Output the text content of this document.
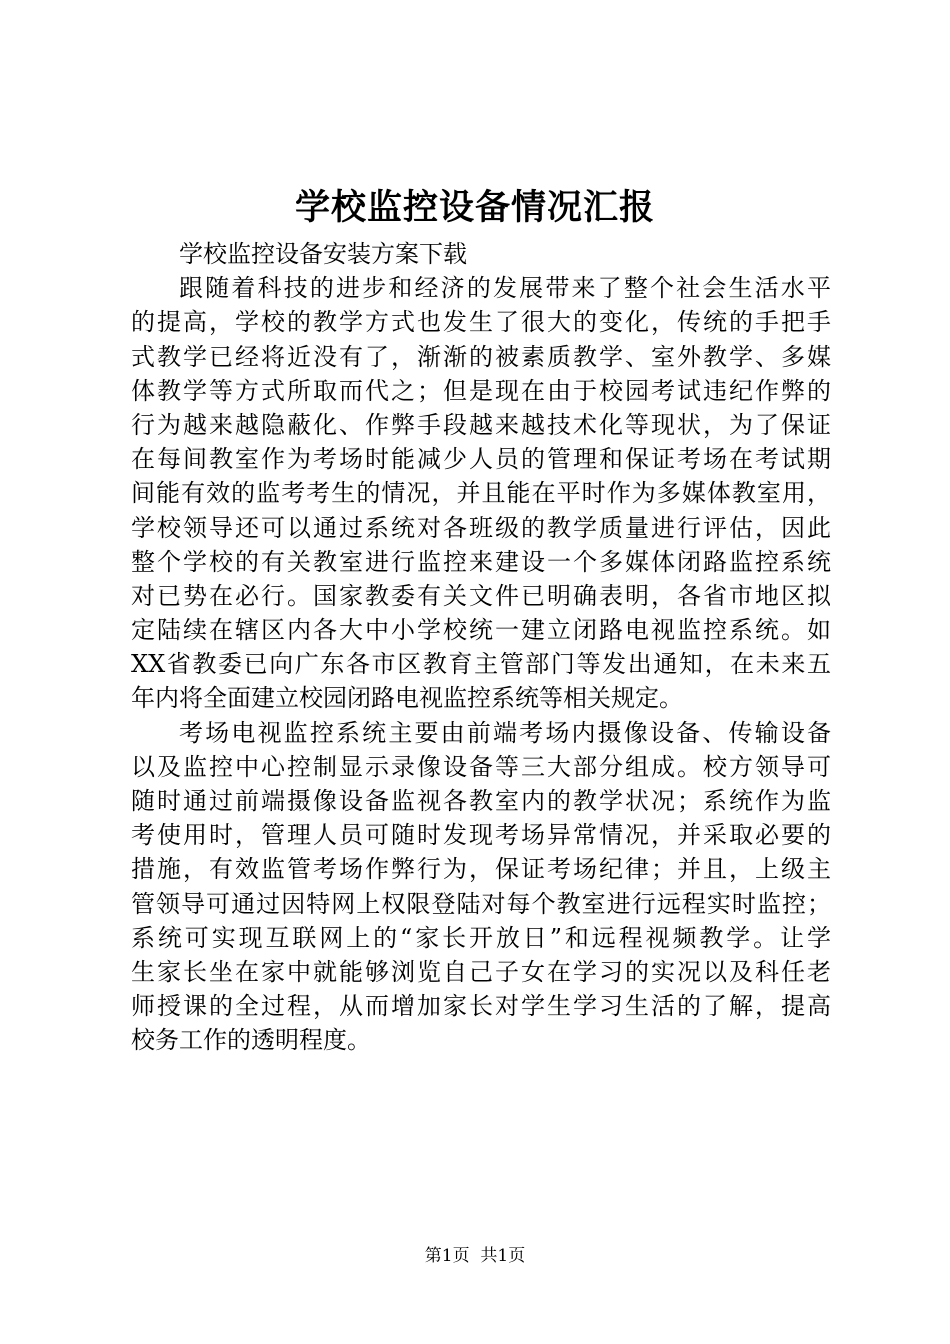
学校监控设备情况汇报
学校监控设备安装方案下载
跟随着科技的进步和经济的发展带来了整个社会生活水平
的提高，学校的教学方式也发生了很大的变化，传统的手把手
式教学已经将近没有了，渐渐的被素质教学、室外教学、多媒
体教学等方式所取而代之；但是现在由于校园考试违纪作弊的
行为越来越隐蔽化、作弊手段越来越技术化等现状，为了保证
在每间教室作为考场时能减少人员的管理和保证考场在考试期
间能有效的监考考生的情况，并且能在平时作为多媒体教室用，
学校领导还可以通过系统对各班级的教学质量进行评估，因此
整个学校的有关教室进行监控来建设一个多媒体闭路监控系统
对已势在必行。国家教委有关文件已明确表明，各省市地区拟
定陆续在辖区内各大中小学校统一建立闭路电视监控系统。如
XX省教委已向广东各市区教育主管部门等发出通知，在未来五
年内将全面建立校园闭路电视监控系统等相关规定。
考场电视监控系统主要由前端考场内摄像设备、传输设备
以及监控中心控制显示录像设备等三大部分组成。校方领导可
随时通过前端摄像设备监视各教室内的教学状况；系统作为监
考使用时，管理人员可随时发现考场异常情况，并采取必要的
措施，有效监管考场作弊行为，保证考场纪律；并且，上级主
管领导可通过因特网上权限登陆对每个教室进行远程实时监控；
系统可实现互联网上的“家长开放日”和远程视频教学。让学
生家长坐在家中就能够浏览自己子女在学习的实况以及科任老
师授课的全过程，从而增加家长对学生学习生活的了解，提高
校务工作的透明程度。
第1页 共1页
